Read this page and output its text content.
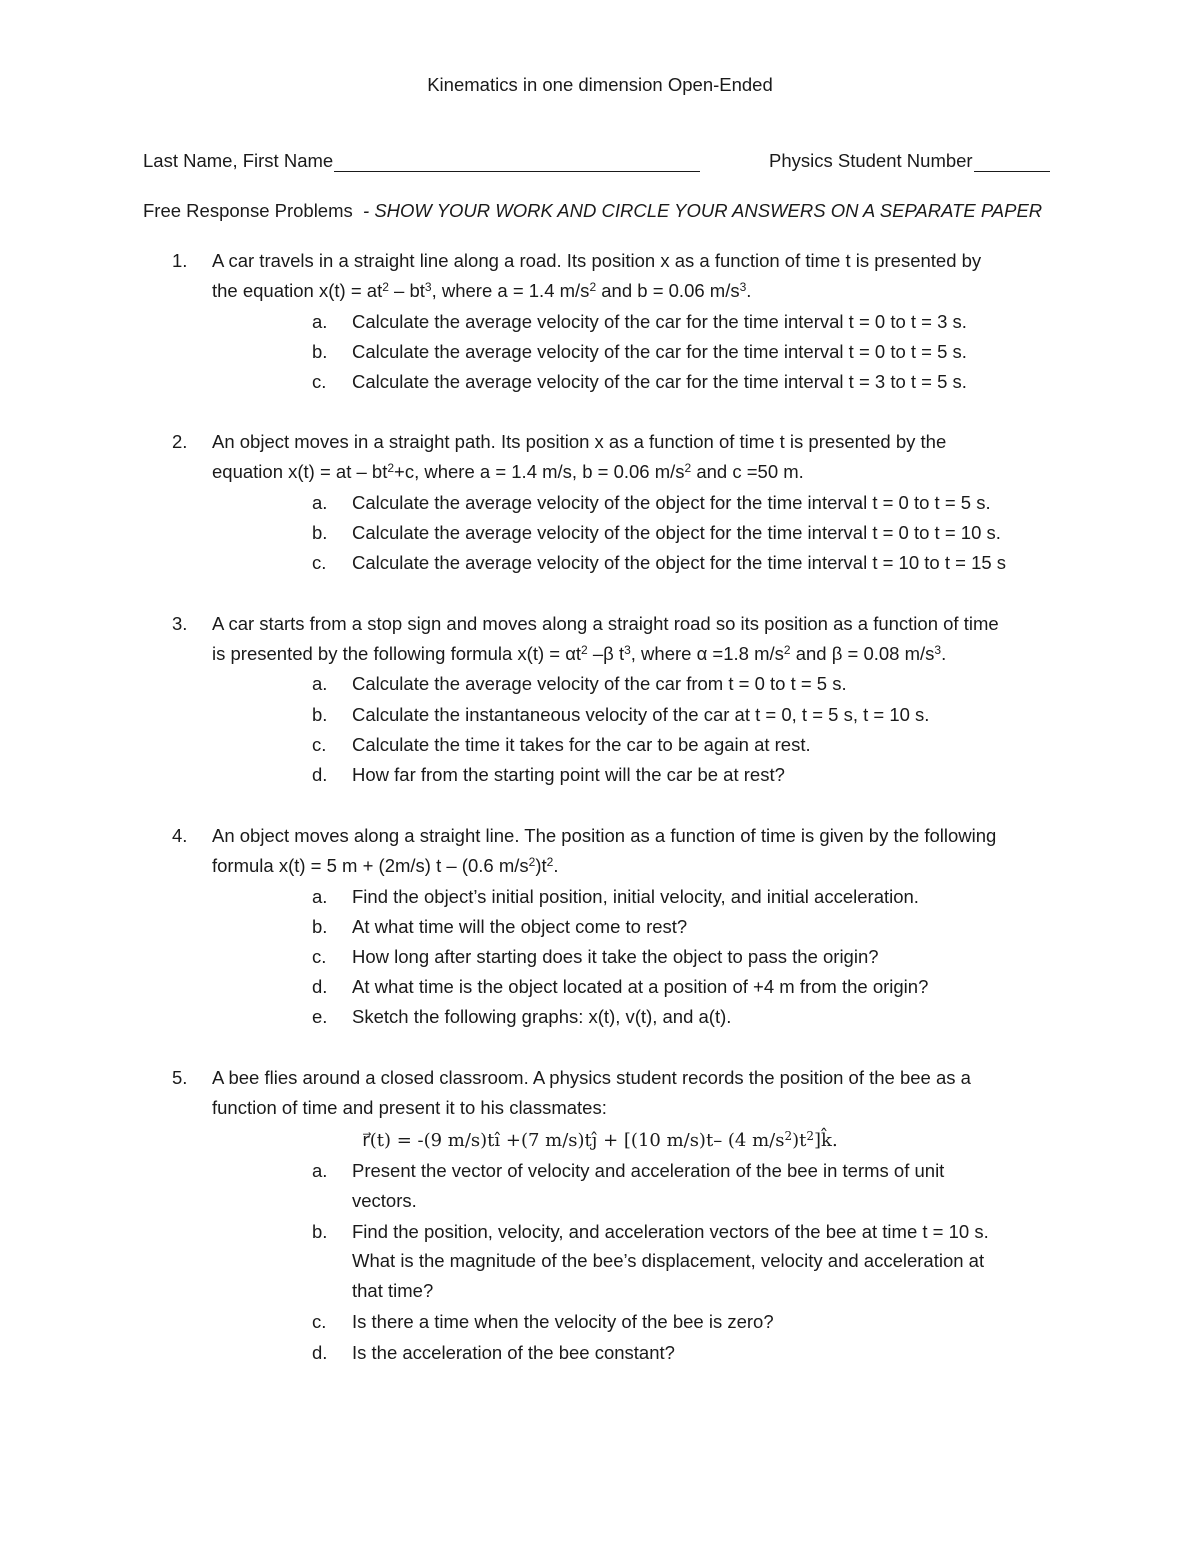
Kinematics in one dimension Open-Ended
Last Name, First Name	Physics Student Number
Free Response Problems - SHOW YOUR WORK AND CIRCLE YOUR ANSWERS ON A SEPARATE PAPER
1. A car travels in a straight line along a road. Its position x as a function of time t is presented by
the equation $x(t) = at^2 - bt^3$, where a = 1.4 $m/s^2$ and b = 0.06 $m/s^3$.
a. Calculate the average velocity of the car for the time interval t = 0 to t = 3 s.
b. Calculate the average velocity of the car for the time interval t = 0 to t = 5 s.
c. Calculate the average velocity of the car for the time interval t = 3 to t = 5 s.
2. An object moves in a straight path. Its position x as a function of time t is presented by the
equation x(t) = at – $bt^2+c$, where a = 1.4 m/s, b = 0.06 $m/s^2$ and c =50 m.
a. Calculate the average velocity of the object for the time interval t = 0 to t = 5 s.
b. Calculate the average velocity of the object for the time interval t = 0 to t = 10 s.
c. Calculate the average velocity of the object for the time interval t = 10 to t = 15 s
3. A car starts from a stop sign and moves along a straight road so its position as a function of time
is presented by the following formula $x(t) = \alpha t^2$ –β $t^3$, where α =1.8 $m/s^2$ and β = 0.08 $m/s^3$.
a. Calculate the average velocity of the car from t = 0 to t = 5 s.
b. Calculate the instantaneous velocity of the car at t = 0, t = 5 s, t = 10 s.
c. Calculate the time it takes for the car to be again at rest.
d. How far from the starting point will the car be at rest?
4. An object moves along a straight line. The position as a function of time is given by the following
formula x(t) = 5 m + (2m/s) t – (0.6 $m/s^2)t^2$.
a. Find the object’s initial position, initial velocity, and initial acceleration.
b. At what time will the object come to rest?
c. How long after starting does it take the object to pass the origin?
d. At what time is the object located at a position of +4 m from the origin?
e. Sketch the following graphs: x(t), v(t), and a(t).
5. A bee flies around a closed classroom. A physics student records the position of the bee as a
function of time and present it to his classmates:
r⃗(t) = -(9 m/s)tî +(7 m/s)tĵ + [(10 m/s)t– (4 $m/s^2)t^2]k̂$.
a. Present the vector of velocity and acceleration of the bee in terms of unit
vectors.
b. Find the position, velocity, and acceleration vectors of the bee at time t = 10 s.
What is the magnitude of the bee’s displacement, velocity and acceleration at
that time?
c. Is there a time when the velocity of the bee is zero?
d. Is the acceleration of the bee constant?
